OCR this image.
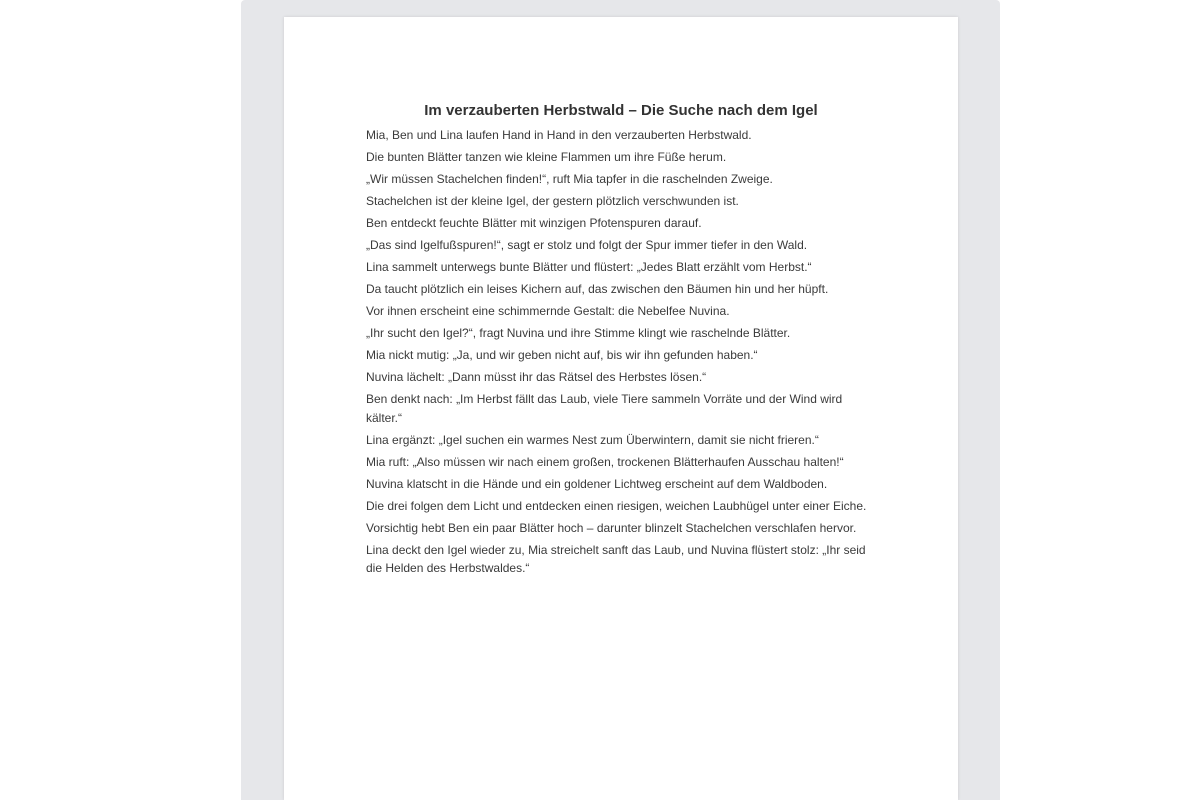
Im verzauberten Herbstwald – Die Suche nach dem Igel
Mia, Ben und Lina laufen Hand in Hand in den verzauberten Herbstwald.
Die bunten Blätter tanzen wie kleine Flammen um ihre Füße herum.
„Wir müssen Stachelchen finden!“, ruft Mia tapfer in die raschelnden Zweige.
Stachelchen ist der kleine Igel, der gestern plötzlich verschwunden ist.
Ben entdeckt feuchte Blätter mit winzigen Pfotenspuren darauf.
„Das sind Igelfußspuren!“, sagt er stolz und folgt der Spur immer tiefer in den Wald.
Lina sammelt unterwegs bunte Blätter und flüstert: „Jedes Blatt erzählt vom Herbst.“
Da taucht plötzlich ein leises Kichern auf, das zwischen den Bäumen hin und her hüpft.
Vor ihnen erscheint eine schimmernde Gestalt: die Nebelfee Nuvina.
„Ihr sucht den Igel?“, fragt Nuvina und ihre Stimme klingt wie raschelnde Blätter.
Mia nickt mutig: „Ja, und wir geben nicht auf, bis wir ihn gefunden haben.“
Nuvina lächelt: „Dann müsst ihr das Rätsel des Herbstes lösen.“
Ben denkt nach: „Im Herbst fällt das Laub, viele Tiere sammeln Vorräte und der Wind wird kälter.“
Lina ergänzt: „Igel suchen ein warmes Nest zum Überwintern, damit sie nicht frieren.“
Mia ruft: „Also müssen wir nach einem großen, trockenen Blätterhaufen Ausschau halten!“
Nuvina klatscht in die Hände und ein goldener Lichtweg erscheint auf dem Waldboden.
Die drei folgen dem Licht und entdecken einen riesigen, weichen Laubhügel unter einer Eiche.
Vorsichtig hebt Ben ein paar Blätter hoch – darunter blinzelt Stachelchen verschlafen hervor.
Lina deckt den Igel wieder zu, Mia streichelt sanft das Laub, und Nuvina flüstert stolz: „Ihr seid die Helden des Herbstwaldes.“
